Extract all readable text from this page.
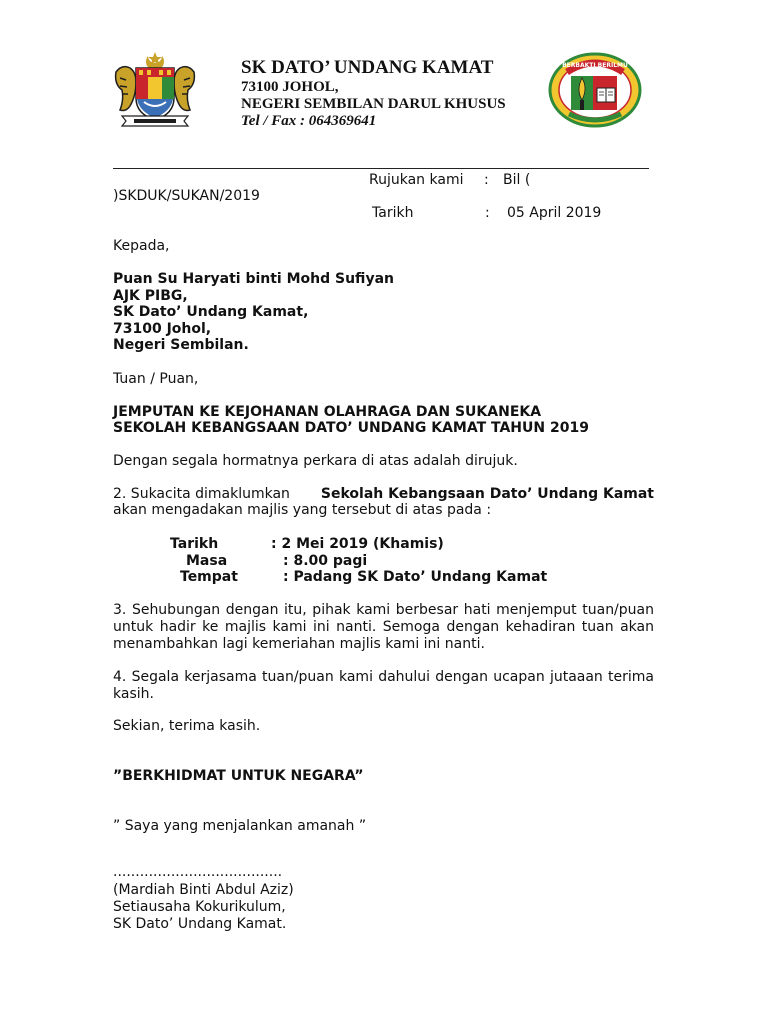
SK DATO’ UNDANG KAMAT
73100 JOHOL,
NEGERI SEMBILAN DARUL KHUSUS
Tel / Fax : 064369641
BERBAKTI BERILMU
Rujukan kami : Bil (
)SKDUK/SUKAN/2019
Tarikh	: 05 April 2019
Kepada,
Puan Su Haryati binti Mohd Sufiyan
AJK PIBG,
SK Dato’ Undang Kamat,
73100 Johol,
Negeri Sembilan.
Tuan / Puan,
JEMPUTAN KE KEJOHANAN OLAHRAGA DAN SUKANEKA
SEKOLAH KEBANGSAAN DATO’ UNDANG KAMAT TAHUN 2019
Dengan segala hormatnya perkara di atas adalah dirujuk.
2. Sukacita dimaklumkan Sekolah Kebangsaan Dato’ Undang Kamat
akan mengadakan majlis yang tersebut di atas pada :
Tarikh	: 2 Mei 2019 (Khamis)
Masa	: 8.00 pagi
Tempat	: Padang SK Dato’ Undang Kamat
3. Sehubungan dengan itu, pihak kami berbesar hati menjemput tuan/puan untuk hadir ke majlis kami ini nanti. Semoga dengan kehadiran tuan akan menambahkan lagi kemeriahan majlis kami ini nanti.
4. Segala kerjasama tuan/puan kami dahului dengan ucapan jutaaan terima kasih.
Sekian, terima kasih.
”BERKHIDMAT UNTUK NEGARA”
” Saya yang menjalankan amanah ”
......................................
(Mardiah Binti Abdul Aziz)
Setiausaha Kokurikulum,
SK Dato’ Undang Kamat.
